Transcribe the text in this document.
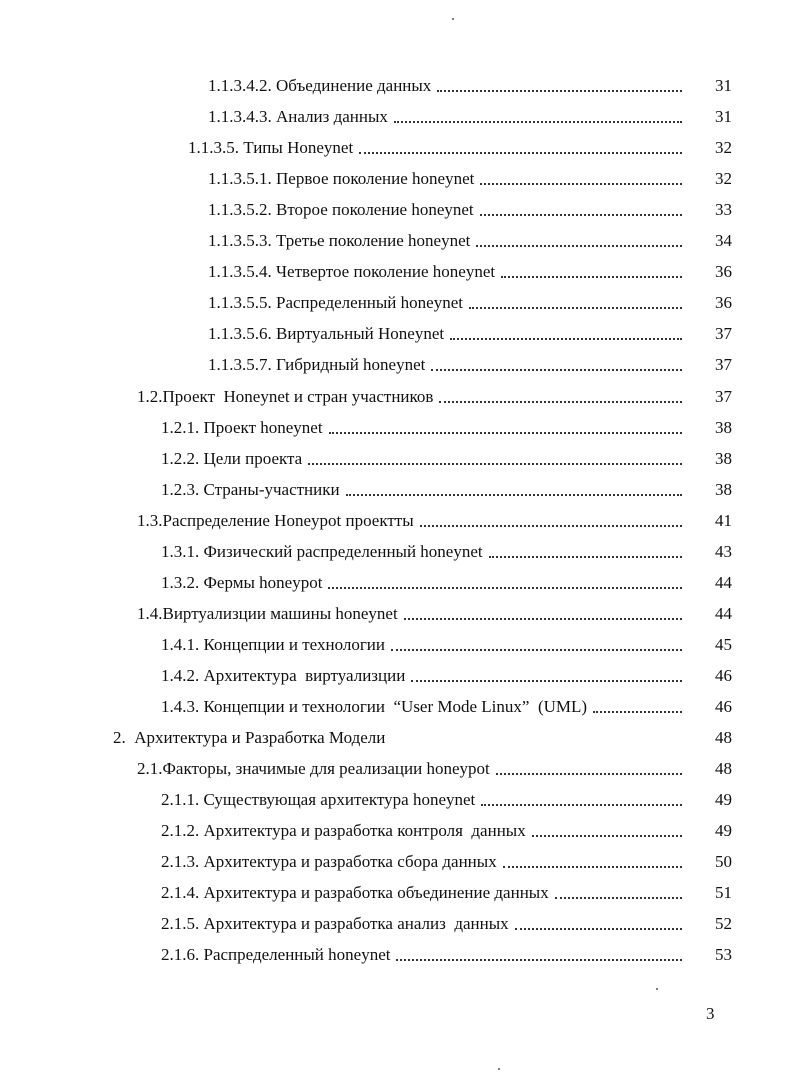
1.1.3.4.2. Объединение данных	31
1.1.3.4.3. Анализ данных	31
1.1.3.5. Типы Honeynet	32
1.1.3.5.1. Первое поколение honeynet	32
1.1.3.5.2. Второе поколение honeynet	33
1.1.3.5.3. Третье поколение honeynet	34
1.1.3.5.4. Четвертое поколение honeynet	36
1.1.3.5.5. Распределенный honeynet	36
1.1.3.5.6. Виртуальный Honeynet	37
1.1.3.5.7. Гибридный honeynet	37
1.2.Проект  Honeynet и стран участников	37
1.2.1. Проект honeynet	38
1.2.2. Цели проекта	38
1.2.3. Страны-участники	38
1.3.Распределение Honeypot проектты	41
1.3.1. Физический распределенный honeynet	43
1.3.2. Фермы honeypot	44
1.4.Виртуализции машины honeynet	44
1.4.1. Концепции и технологии	45
1.4.2. Архитектура  виртуализции	46
1.4.3. Концепции и технологии  “User Mode Linux”  (UML)	46
2.  Архитектура и Разработка Модели	48
2.1.Факторы, значимые для реализации honeypot	48
2.1.1. Существующая архитектура honeynet	49
2.1.2. Архитектура и разработка контроля  данных	49
2.1.3. Архитектура и разработка сбора данных	50
2.1.4. Архитектура и разработка объединение данных	51
2.1.5. Архитектура и разработка анализ  данных	52
2.1.6. Распределенный honeynet	53
3
